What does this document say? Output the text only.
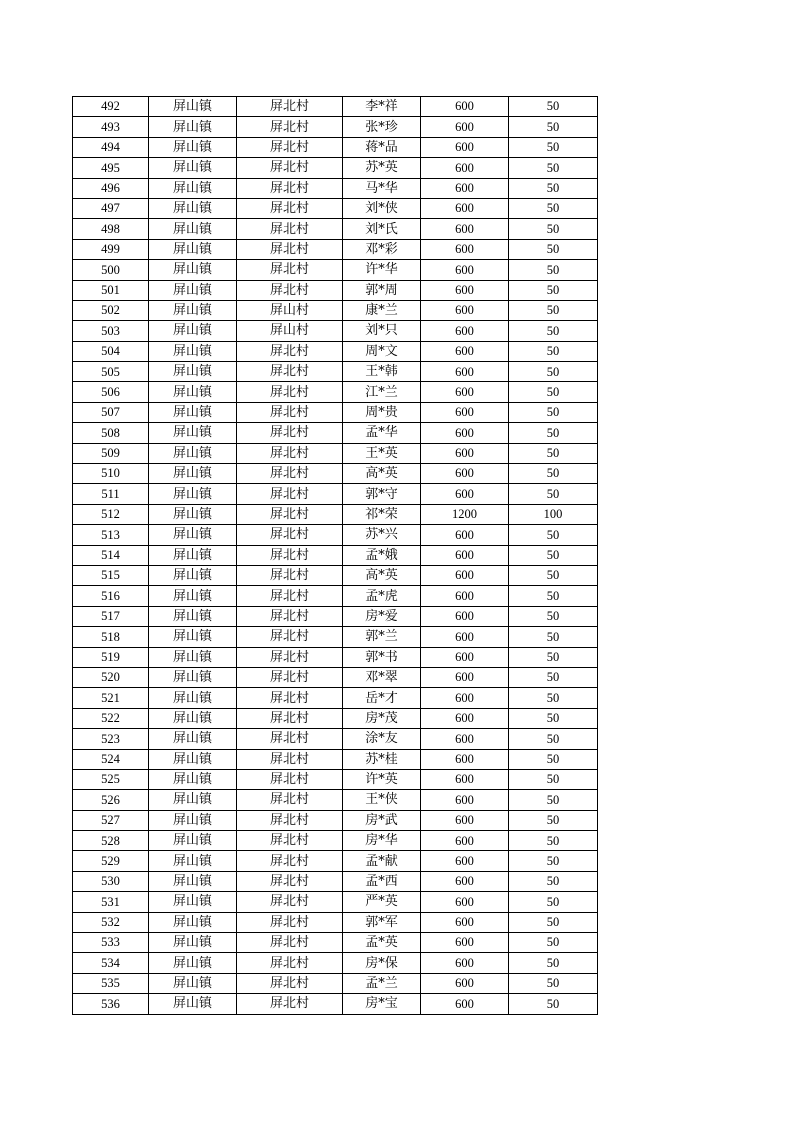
492	屏山镇	屏北村	李*祥	600	50
493	屏山镇	屏北村	张*珍	600	50
494	屏山镇	屏北村	蒋*品	600	50
495	屏山镇	屏北村	苏*英	600	50
496	屏山镇	屏北村	马*华	600	50
497	屏山镇	屏北村	刘*侠	600	50
498	屏山镇	屏北村	刘*氏	600	50
499	屏山镇	屏北村	邓*彩	600	50
500	屏山镇	屏北村	许*华	600	50
501	屏山镇	屏北村	郭*周	600	50
502	屏山镇	屏山村	康*兰	600	50
503	屏山镇	屏山村	刘*只	600	50
504	屏山镇	屏北村	周*文	600	50
505	屏山镇	屏北村	王*韩	600	50
506	屏山镇	屏北村	江*兰	600	50
507	屏山镇	屏北村	周*贵	600	50
508	屏山镇	屏北村	孟*华	600	50
509	屏山镇	屏北村	王*英	600	50
510	屏山镇	屏北村	高*英	600	50
511	屏山镇	屏北村	郭*守	600	50
512	屏山镇	屏北村	祁*荣	1200	100
513	屏山镇	屏北村	苏*兴	600	50
514	屏山镇	屏北村	孟*娥	600	50
515	屏山镇	屏北村	高*英	600	50
516	屏山镇	屏北村	孟*虎	600	50
517	屏山镇	屏北村	房*爱	600	50
518	屏山镇	屏北村	郭*兰	600	50
519	屏山镇	屏北村	郭*书	600	50
520	屏山镇	屏北村	邓*翠	600	50
521	屏山镇	屏北村	岳*才	600	50
522	屏山镇	屏北村	房*茂	600	50
523	屏山镇	屏北村	涂*友	600	50
524	屏山镇	屏北村	苏*桂	600	50
525	屏山镇	屏北村	许*英	600	50
526	屏山镇	屏北村	王*侠	600	50
527	屏山镇	屏北村	房*武	600	50
528	屏山镇	屏北村	房*华	600	50
529	屏山镇	屏北村	孟*献	600	50
530	屏山镇	屏北村	孟*西	600	50
531	屏山镇	屏北村	严*英	600	50
532	屏山镇	屏北村	郭*军	600	50
533	屏山镇	屏北村	孟*英	600	50
534	屏山镇	屏北村	房*保	600	50
535	屏山镇	屏北村	孟*兰	600	50
536	屏山镇	屏北村	房*宝	600	50
